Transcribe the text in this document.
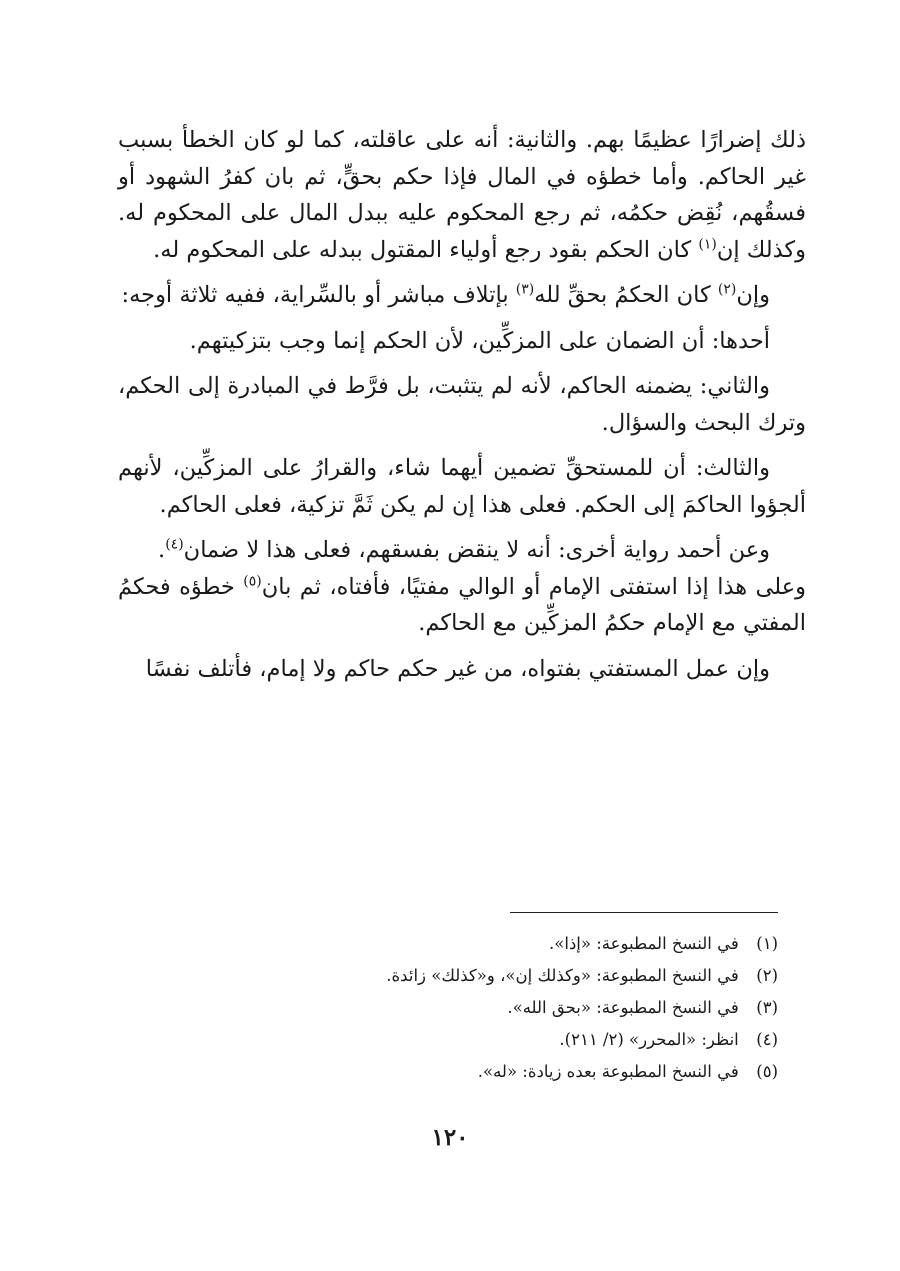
ذلك إضرارًا عظيمًا بهم. والثانية: أنه على عاقلته، كما لو كان الخطأ بسبب غير الحاكم. وأما خطؤه في المال فإذا حكم بحقٍّ، ثم بان كفرُ الشهود أو فسقُهم، نُقِض حكمُه، ثم رجع المحكوم عليه ببدل المال على المحكوم له. وكذلك إن$^{(١)}$ كان الحكم بقود رجع أولياء المقتول ببدله على المحكوم له.

وإن$^{(٢)}$ كان الحكمُ بحقِّ لله$^{(٣)}$ بإتلاف مباشر أو بالسِّراية، ففيه ثلاثة أوجه:

أحدها: أن الضمان على المزكِّين، لأن الحكم إنما وجب بتزكيتهم.

والثاني: يضمنه الحاكم، لأنه لم يتثبت، بل فرَّط في المبادرة إلى الحكم، وترك البحث والسؤال.

والثالث: أن للمستحقِّ تضمين أيهما شاء، والقرارُ على المزكِّين، لأنهم ألجؤوا الحاكمَ إلى الحكم. فعلى هذا إن لم يكن ثَمَّ تزكية، فعلى الحاكم.

وعن أحمد رواية أخرى: أنه لا ينقض بفسقهم، فعلى هذا لا ضمان$^{(٤)}$.

وعلى هذا إذا استفتى الإمام أو الوالي مفتيًا، فأفتاه، ثم بان$^{(٥)}$ خطؤه فحكمُ المفتي مع الإمام حكمُ المزكِّين مع الحاكم.

وإن عمل المستفتي بفتواه، من غير حكم حاكم ولا إمام، فأتلف نفسًا

(١) في النسخ المطبوعة: «إذا».
(٢) في النسخ المطبوعة: «وكذلك إن»، و«كذلك» زائدة.
(٣) في النسخ المطبوعة: «بحق الله».
(٤) انظر: «المحرر» (٢/ ٢١١).
(٥) في النسخ المطبوعة بعده زيادة: «له».
١٢٠
